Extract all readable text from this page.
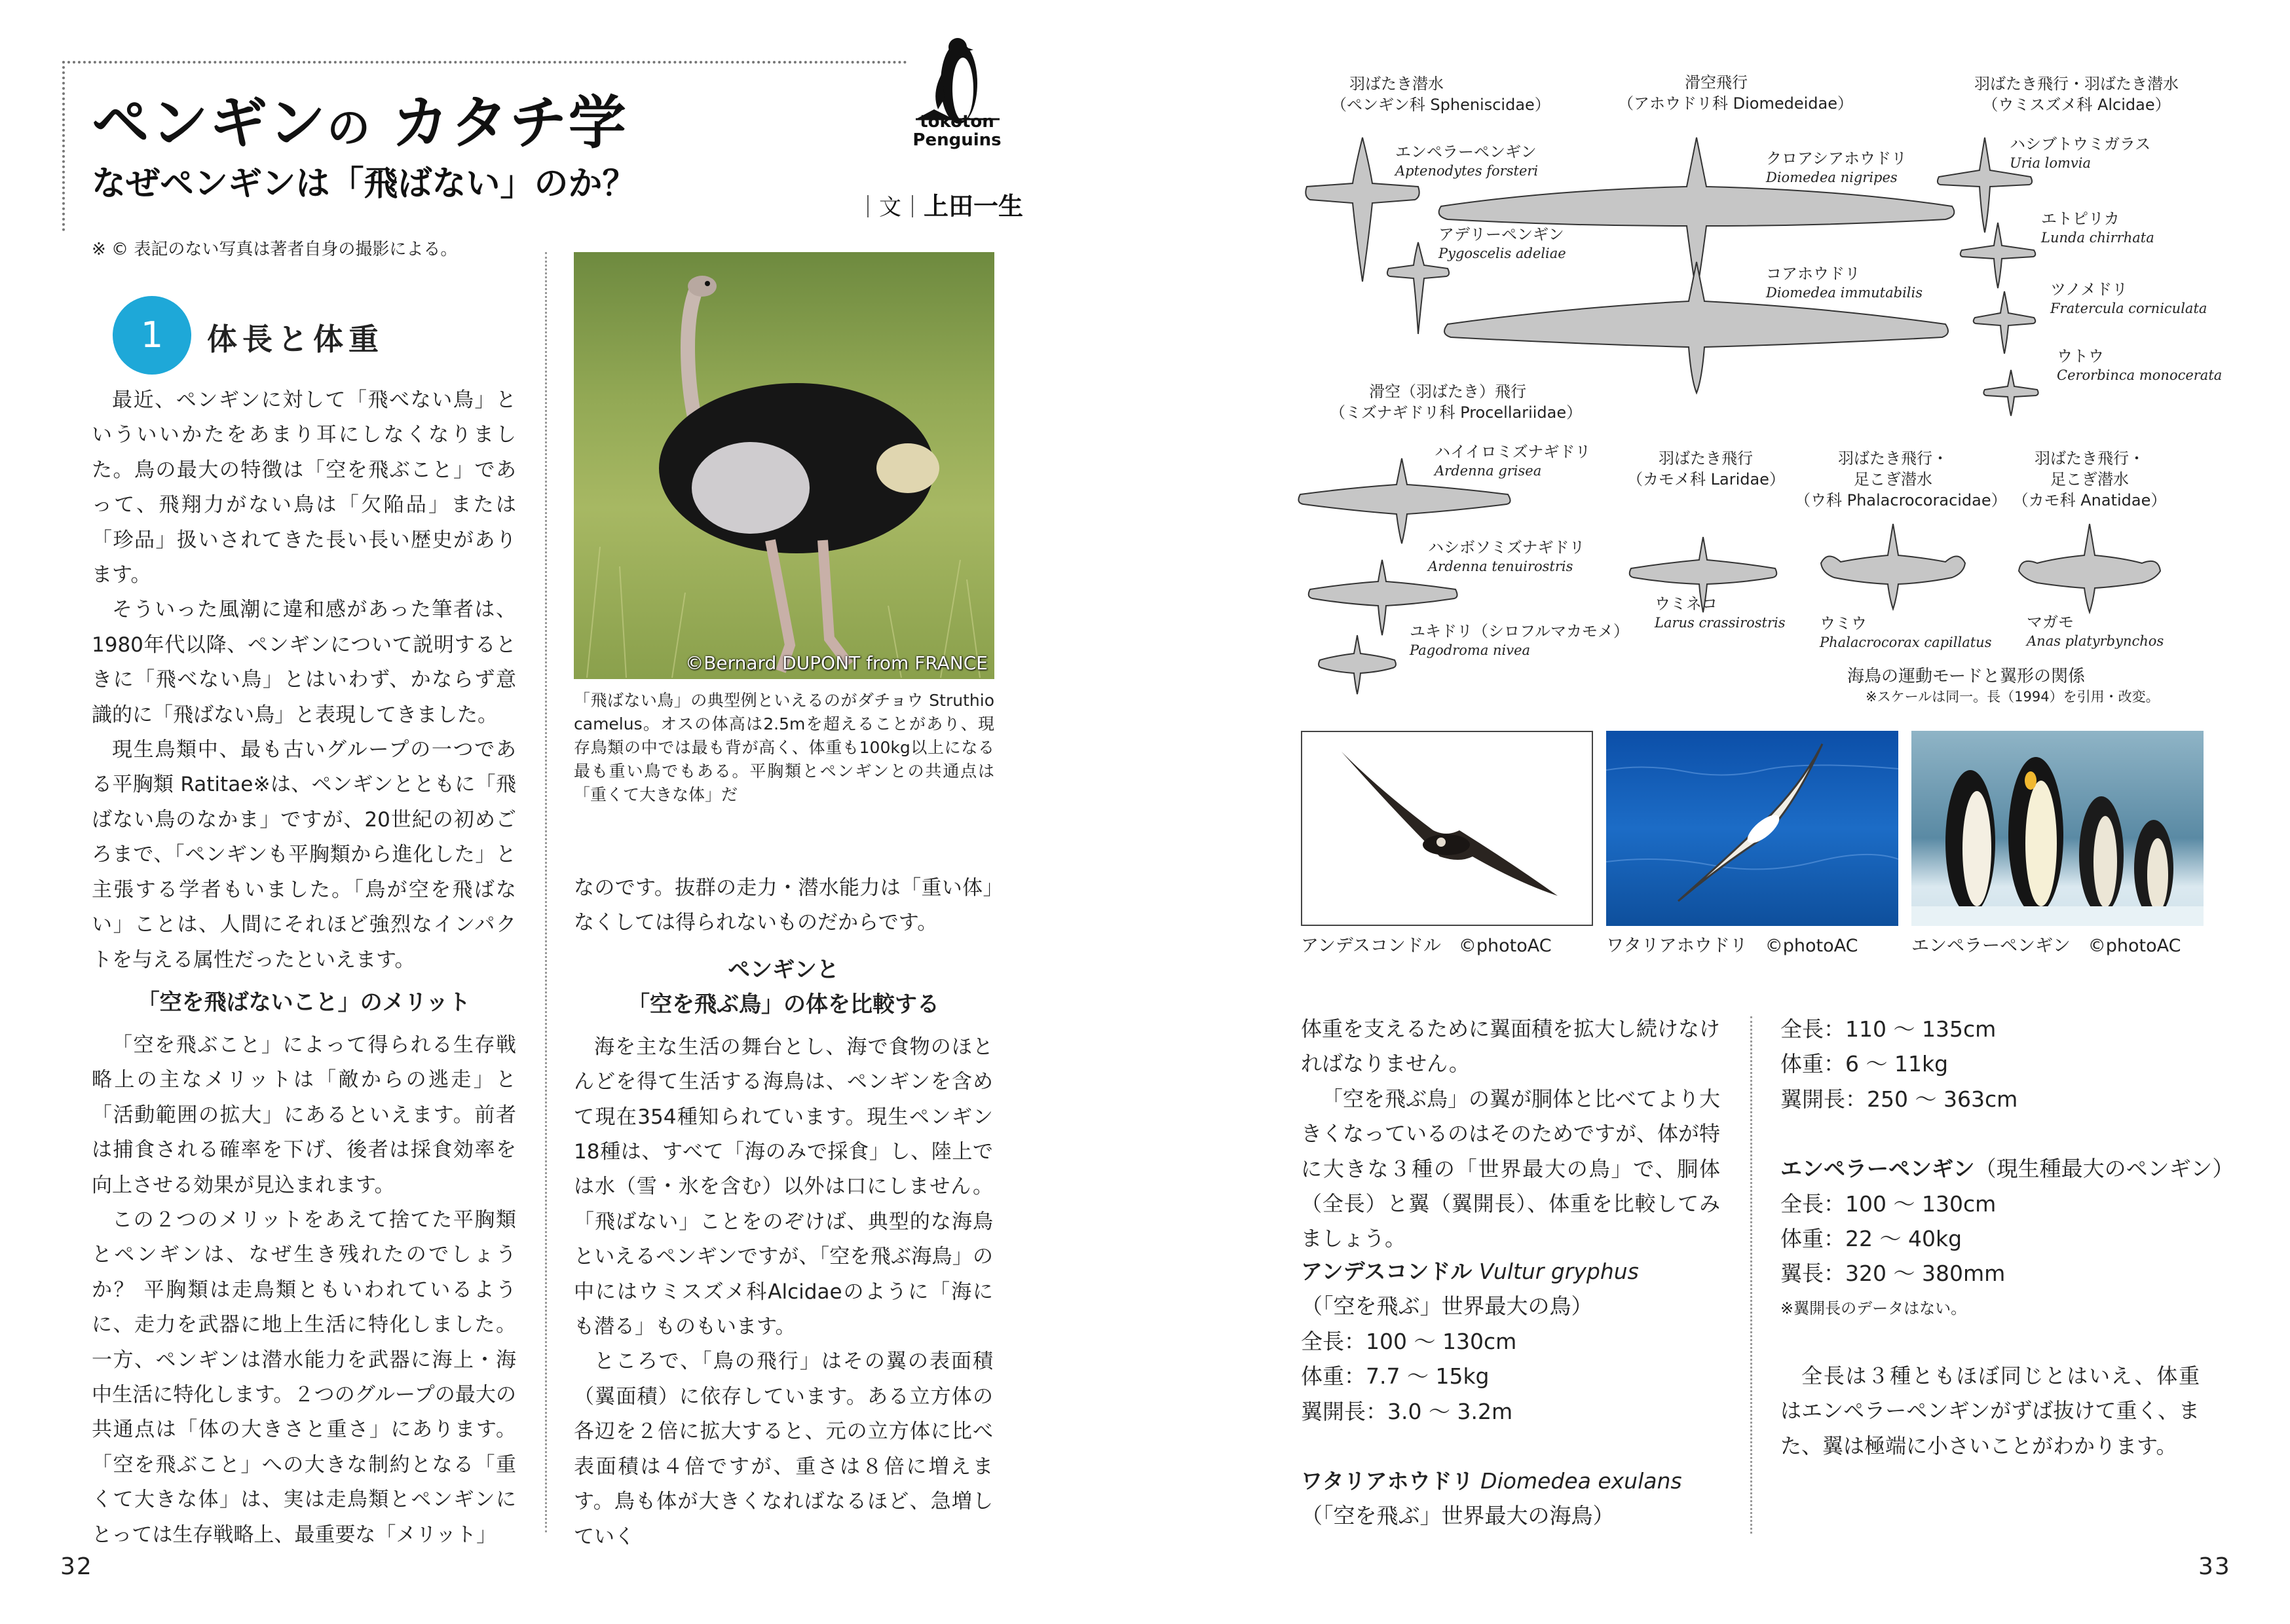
ペンギンの カタチ学
なぜペンギンは「飛ばない」のか？
｜文｜上田一生
tokoton
Penguins
※ © 表記のない写真は著者自身の撮影による。
1	体長と体重

最近、ペンギンに対して「飛べない鳥」といういいかたをあまり耳にしなくなりました。鳥の最大の特徴は「空を飛ぶこと」であって、飛翔力がない鳥は「欠陥品」または「珍品」扱いされてきた長い長い歴史があります。

そういった風潮に違和感があった筆者は、1980年代以降、ペンギンについて説明するときに「飛べない鳥」とはいわず、かならず意識的に「飛ばない鳥」と表現してきました。

現生鳥類中、最も古いグループの一つである平胸類 Ratitae※は、ペンギンとともに「飛ばない鳥のなかま」ですが、20世紀の初めごろまで、「ペンギンも平胸類から進化した」と主張する学者もいました。「鳥が空を飛ばない」ことは、人間にそれほど強烈なインパクトを与える属性だったといえます。

「空を飛ばないこと」のメリット

「空を飛ぶこと」によって得られる生存戦略上の主なメリットは「敵からの逃走」と「活動範囲の拡大」にあるといえます。前者は捕食される確率を下げ、後者は採食効率を向上させる効果が見込まれます。

この２つのメリットをあえて捨てた平胸類とペンギンは、なぜ生き残れたのでしょうか？ 平胸類は走鳥類ともいわれているように、走力を武器に地上生活に特化しました。一方、ペンギンは潜水能力を武器に海上・海中生活に特化します。２つのグループの最大の共通点は「体の大きさと重さ」にあります。「空を飛ぶこと」への大きな制約となる「重くて大きな体」は、実は走鳥類とペンギンにとっては生存戦略上、最重要な「メリット」

©Bernard DUPONT from FRANCE
「飛ばない鳥」の典型例といえるのがダチョウ Struthio camelus。オスの体高は2.5mを超えることがあり、現存鳥類の中では最も背が高く、体重も100kg以上になる最も重い鳥でもある。平胸類とペンギンとの共通点は「重くて大きな体」だ

なのです。抜群の走力・潜水能力は「重い体」なくしては得られないものだからです。

ペンギンと
「空を飛ぶ鳥」の体を比較する

海を主な生活の舞台とし、海で食物のほとんどを得て生活する海鳥は、ペンギンを含めて現在354種知られています。現生ペンギン18種は、すべて「海のみで採食」し、陸上では水（雪・氷を含む）以外は口にしません。「飛ばない」ことをのぞけば、典型的な海鳥といえるペンギンですが、「空を飛ぶ海鳥」の中にはウミスズメ科Alcidaeのように「海にも潜る」ものもいます。

ところで、「鳥の飛行」はその翼の表面積（翼面積）に依存しています。ある立方体の各辺を２倍に拡大すると、元の立方体に比べ表面積は４倍ですが、重さは８倍に増えます。鳥も体が大きくなればなるほど、急増していく

32
羽ばたき潜水
（ペンギン科 Spheniscidae）
滑空飛行
（アホウドリ科 Diomedeidae）
羽ばたき飛行・羽ばたき潜水
（ウミスズメ科 Alcidae）
滑空（羽ばたき）飛行
（ミズナギドリ科 Procellariidae）
羽ばたき飛行
（カモメ科 Laridae）
羽ばたき飛行・
足こぎ潜水
（ウ科 Phalacrocoracidae）
羽ばたき飛行・
足こぎ潜水
（カモ科 Anatidae）
エンペラーペンギン
Aptenodytes forsteri
アデリーペンギン
Pygoscelis adeliae
クロアシアホウドリ
Diomedea nigripes
コアホウドリ
Diomedea immutabilis
ハシブトウミガラス
Uria lomvia
エトピリカ
Lunda chirrhata
ツノメドリ
Fratercula corniculata
ウトウ
Cerorbinca monocerata
ハイイロミズナギドリ
Ardenna grisea
ハシボソミズナギドリ
Ardenna tenuirostris
ユキドリ（シロフルマカモメ）
Pagodroma nivea
ウミネコ
Larus crassirostris ウミウ
Phalacrocorax capillatus
マガモ
Anas platyrbynchos
海鳥の運動モードと翼形の関係
※スケールは同一。長（1994）を引用・改変。
アンデスコンドル　©photoAC	ワタリアホウドリ　©photoAC	エンペラーペンギン　©photoAC

体重を支えるために翼面積を拡大し続けなければなりません。

「空を飛ぶ鳥」の翼が胴体と比べてより大きくなっているのはそのためですが、体が特に大きな３種の「世界最大の鳥」で、胴体（全長）と翼（翼開長）、体重を比較してみましょう。

アンデスコンドル Vultur gryphus
（「空を飛ぶ」世界最大の鳥）
全長：100 ～ 130cm
体重：7.7 ～ 15kg
翼開長：3.0 ～ 3.2m
ワタリアホウドリ Diomedea exulans
（「空を飛ぶ」世界最大の海鳥）
全長：110 ～ 135cm
体重：6 ～ 11kg
翼開長：250 ～ 363cm
エンペラーペンギン（現生種最大のペンギン）
全長：100 ～ 130cm
体重：22 ～ 40kg
翼長：320 ～ 380mm
※翼開長のデータはない。

全長は３種ともほぼ同じとはいえ、体重はエンペラーペンギンがずば抜けて重く、また、翼は極端に小さいことがわかります。

33
